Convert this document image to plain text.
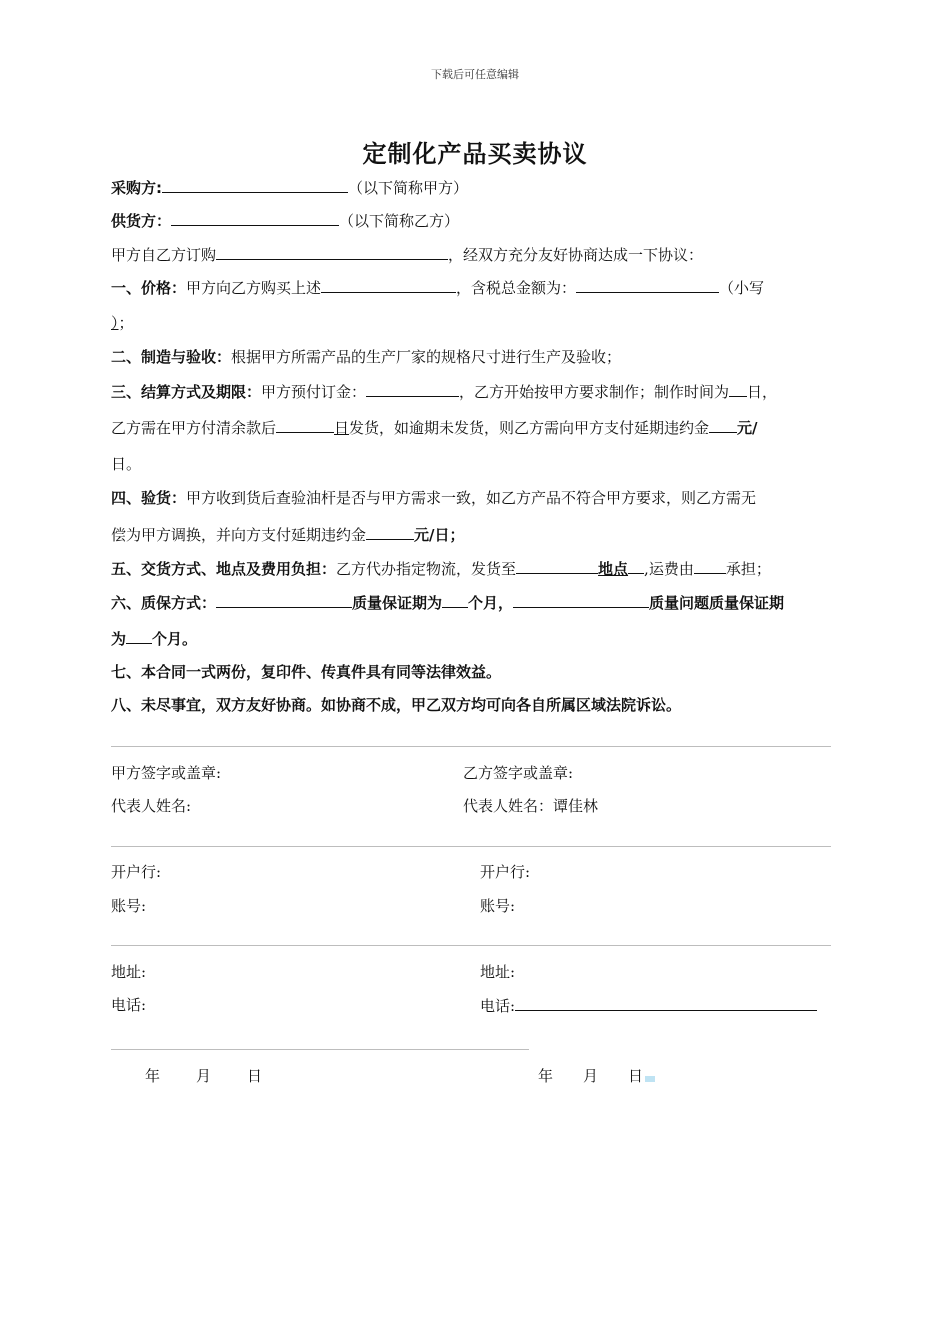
下载后可任意编辑
定制化产品买卖协议
采购方:	（以下简称甲方）
供货方：	（以下简称乙方）
甲方自乙方订购	，经双方充分友好协商达成一下协议：
一、价格：甲方向乙方购买上述	，含税总金额为：	（小写
）；
二、制造与验收：根据甲方所需产品的生产厂家的规格尺寸进行生产及验收；
三、结算方式及期限：甲方预付订金：	，乙方开始按甲方要求制作；制作时间为 日，
乙方需在甲方付清余款后	日发货，如逾期未发货，则乙方需向甲方支付延期违约金 元/
日。
四、验货：甲方收到货后查验油杆是否与甲方需求一致，如乙方产品不符合甲方要求，则乙方需无
偿为甲方调换，并向方支付延期违约金	元/日；
五、交货方式、地点及费用负担：乙方代办指定物流，发货至	地点 ,运费由 承担；
六、质保方式：	质量保证期为 个月，	质量问题质量保证期
为 个月。
七、本合同一式两份，复印件、传真件具有同等法律效益。
八、未尽事宜，双方友好协商。如协商不成，甲乙双方均可向各自所属区域法院诉讼。
甲方签字或盖章:	乙方签字或盖章:
代表人姓名:	代表人姓名：谭佳林
开户行:	开户行:
账号:	账号:
地址:	地址:
电话:	电话:
年 月 日	年 月 日
